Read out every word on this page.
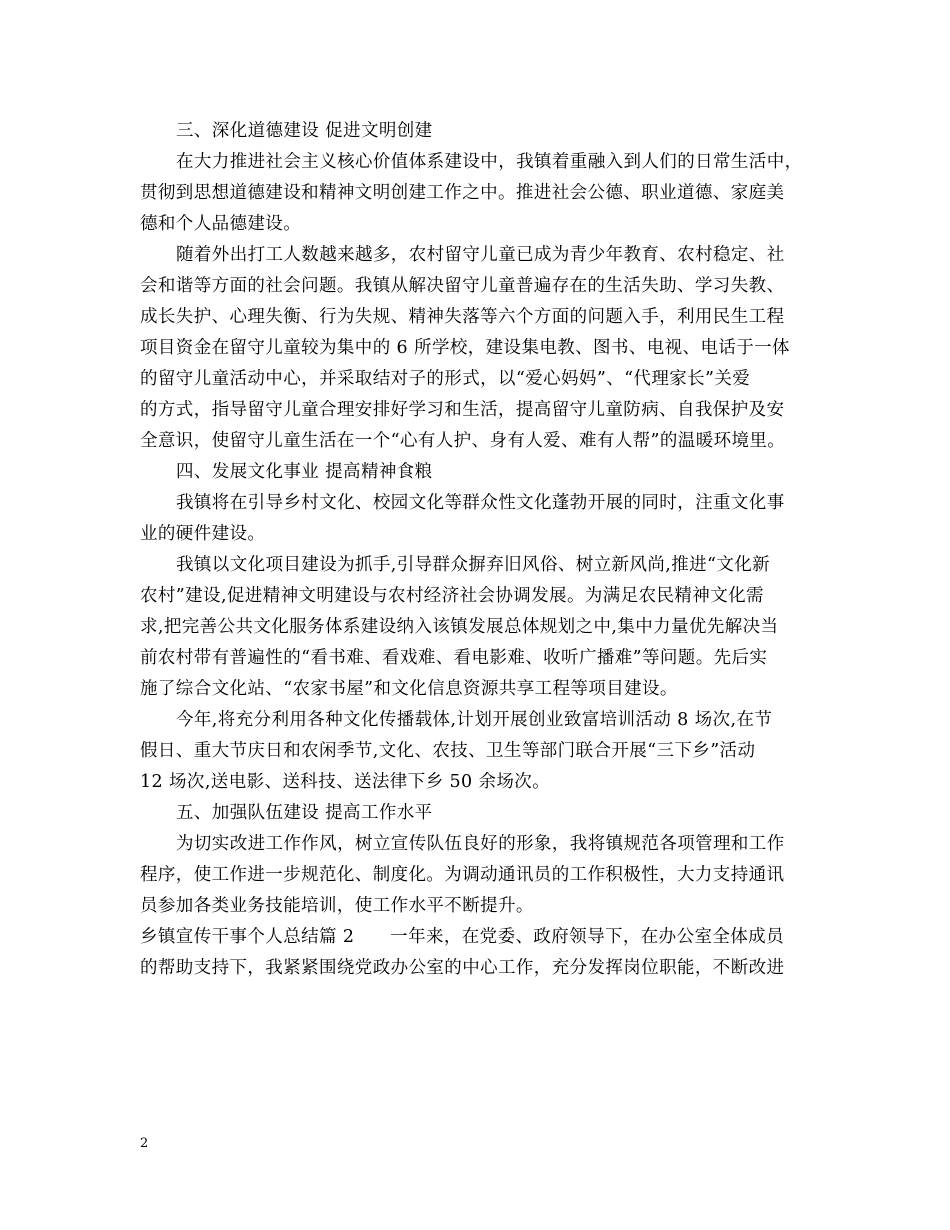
三、深化道德建设 促进文明创建
在大力推进社会主义核心价值体系建设中，我镇着重融入到人们的日常生活中，
贯彻到思想道德建设和精神文明创建工作之中。推进社会公德、职业道德、家庭美
德和个人品德建设。
随着外出打工人数越来越多，农村留守儿童已成为青少年教育、农村稳定、社
会和谐等方面的社会问题。我镇从解决留守儿童普遍存在的生活失助、学习失教、
成长失护、心理失衡、行为失规、精神失落等六个方面的问题入手，利用民生工程
项目资金在留守儿童较为集中的 6 所学校，建设集电教、图书、电视、电话于一体
的留守儿童活动中心，并采取结对子的形式，以“爱心妈妈”、“代理家长”关爱
的方式，指导留守儿童合理安排好学习和生活，提高留守儿童防病、自我保护及安
全意识，使留守儿童生活在一个“心有人护、身有人爱、难有人帮”的温暖环境里。
四、发展文化事业 提高精神食粮
我镇将在引导乡村文化、校园文化等群众性文化蓬勃开展的同时，注重文化事
业的硬件建设。
我镇以文化项目建设为抓手,引导群众摒弃旧风俗、树立新风尚,推进“文化新
农村”建设,促进精神文明建设与农村经济社会协调发展。为满足农民精神文化需
求,把完善公共文化服务体系建设纳入该镇发展总体规划之中,集中力量优先解决当
前农村带有普遍性的“看书难、看戏难、看电影难、收听广播难”等问题。先后实
施了综合文化站、“农家书屋”和文化信息资源共享工程等项目建设。
今年,将充分利用各种文化传播载体,计划开展创业致富培训活动 8 场次,在节
假日、重大节庆日和农闲季节,文化、农技、卫生等部门联合开展“三下乡”活动
12 场次,送电影、送科技、送法律下乡 50 余场次。
五、加强队伍建设 提高工作水平
为切实改进工作作风，树立宣传队伍良好的形象，我将镇规范各项管理和工作
程序，使工作进一步规范化、制度化。为调动通讯员的工作积极性，大力支持通讯
员参加各类业务技能培训，使工作水平不断提升。
乡镇宣传干事个人总结篇 2      一年来，在党委、政府领导下，在办公室全体成员
的帮助支持下，我紧紧围绕党政办公室的中心工作，充分发挥岗位职能，不断改进
2
